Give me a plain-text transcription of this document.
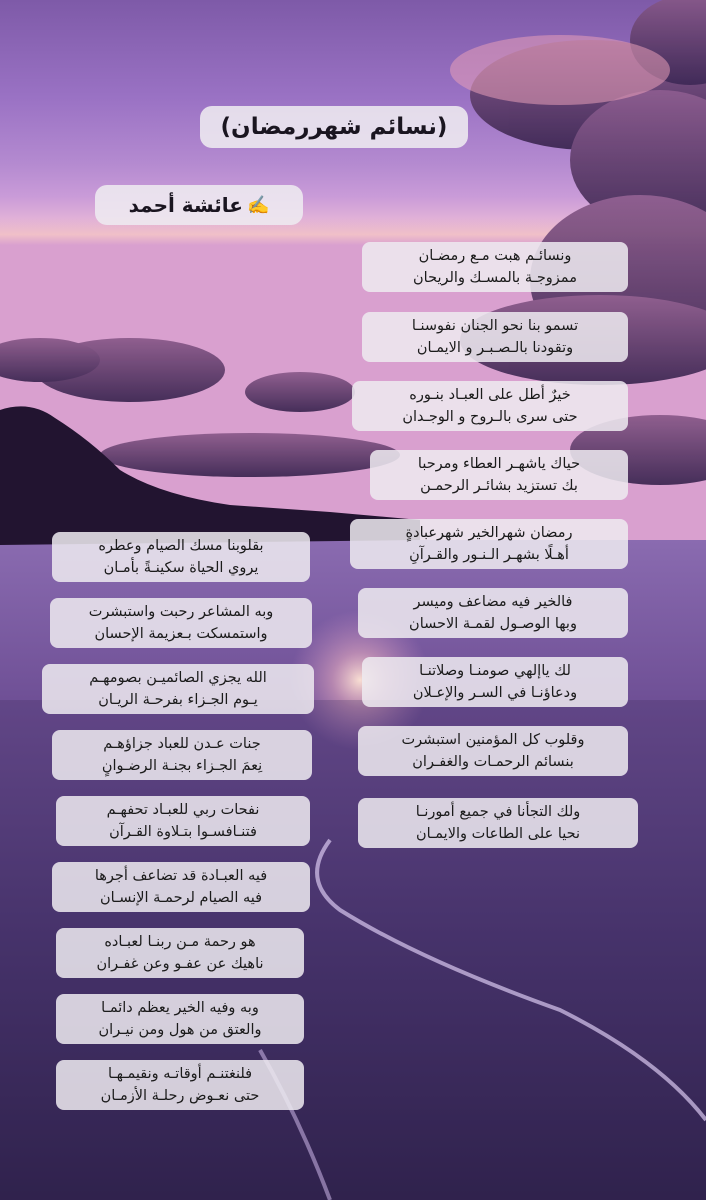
(نسائم شهررمضان)
✍️
عائشة أحمد
ونسائـم هبت مـع رمضـان
ممزوجـة بالمسـك والريحان
تسمو بنا نحو الجنان نفوسنـا
وتقودنا بالـصـبـر و الايمـان
خيرٌ أطل على العبـاد بنـوره
حتى سرى بالـروح و الوجـدان
حياك ياشهـر العطاء ومرحبا
بك تستزيد بشائـر الرحمـن
رمضان شهرالخير شهرعبادةٍ
أهـلًا بشهـر الـنـور والقـرآنِ
فالخير فيه مضاعف وميسر
وبها الوصـول لقمـة الاحسان
لك ياإلهي صومنـا وصلاتنـا
ودعاؤنـا في السـر والإعـلان
وقلوب كل المؤمنين استبشرت
بنسائم الرحمـات والغفـران
ولك التجأنا في جميع أمورنـا
نحيا على الطاعات والايمـان
بقلوبنا مسك الصيام وعطره
يروي الحياة سكينـةً بأمـان
وبه المشاعر رحبت واستبشرت
واستمسكت بـعزيمة الإحسان
الله يجزي الصائميـن بصومهـم
يـوم الجـزاء بفرحـة الريـان
جنات عـدن للعباد جزاؤهـم
نِعمَ الجـزاء بجنـة الرضـوانٍ
نفحات ربي للعبـاد تحفهـم
فتنـافسـوا بتـلاوة القـرآن
فيه العبـادة قد تضاعف أجرها
فيه الصيام لرحمـة الإنسـان
هو رحمة مـن ربنـا لعبـاده
ناهيك عن عفـو وعن غفـران
وبه وفيه الخير يعظم دائمـا
والعتق من هول ومن نيـران
فلنغتنـم أوقاتـه ونقيمـهـا
حتى نعـوض رحلـة الأزمـان
